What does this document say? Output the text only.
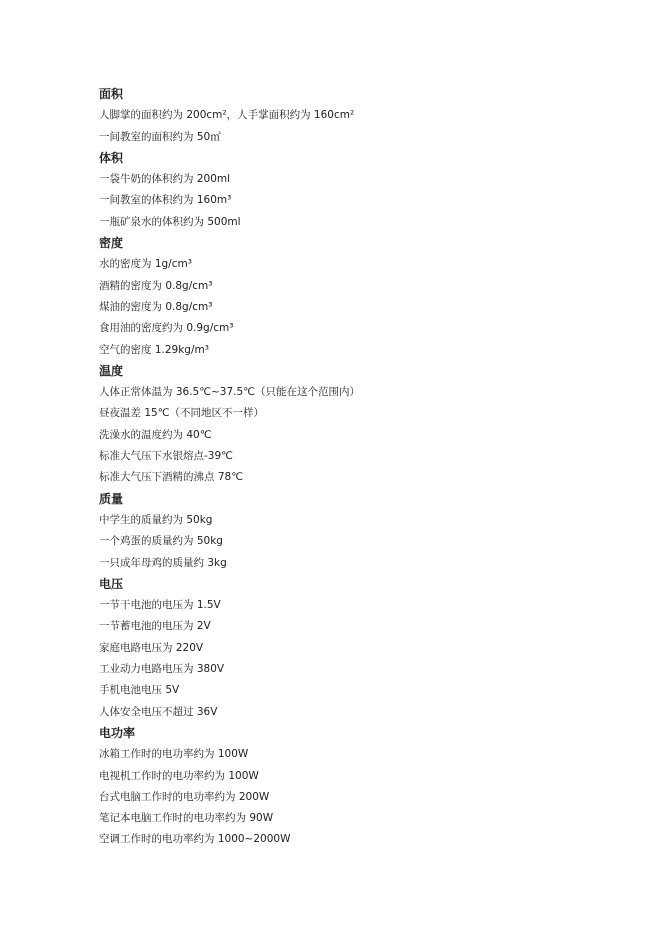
面积
人脚掌的面积约为 200cm²，人手掌面积约为 160cm²
一间教室的面积约为 50㎡
体积
一袋牛奶的体积约为 200ml
一间教室的体积约为 160m³
一瓶矿泉水的体积约为 500ml
密度
水的密度为 1g/cm³
酒精的密度为 0.8g/cm³
煤油的密度为 0.8g/cm³
食用油的密度约为 0.9g/cm³
空气的密度 1.29kg/m³
温度
人体正常体温为 36.5℃~37.5℃（只能在这个范围内）
昼夜温差 15℃（不同地区不一样）
洗澡水的温度约为 40℃
标准大气压下水银熔点-39℃
标准大气压下酒精的沸点 78℃
质量
中学生的质量约为 50kg
一个鸡蛋的质量约为 50kg
一只成年母鸡的质量约 3kg
电压
一节干电池的电压为 1.5V
一节蓄电池的电压为 2V
家庭电路电压为 220V
工业动力电路电压为 380V
手机电池电压 5V
人体安全电压不超过 36V
电功率
冰箱工作时的电功率约为 100W
电视机工作时的电功率约为 100W
台式电脑工作时的电功率约为 200W
笔记本电脑工作时的电功率约为 90W
空调工作时的电功率约为 1000~2000W
